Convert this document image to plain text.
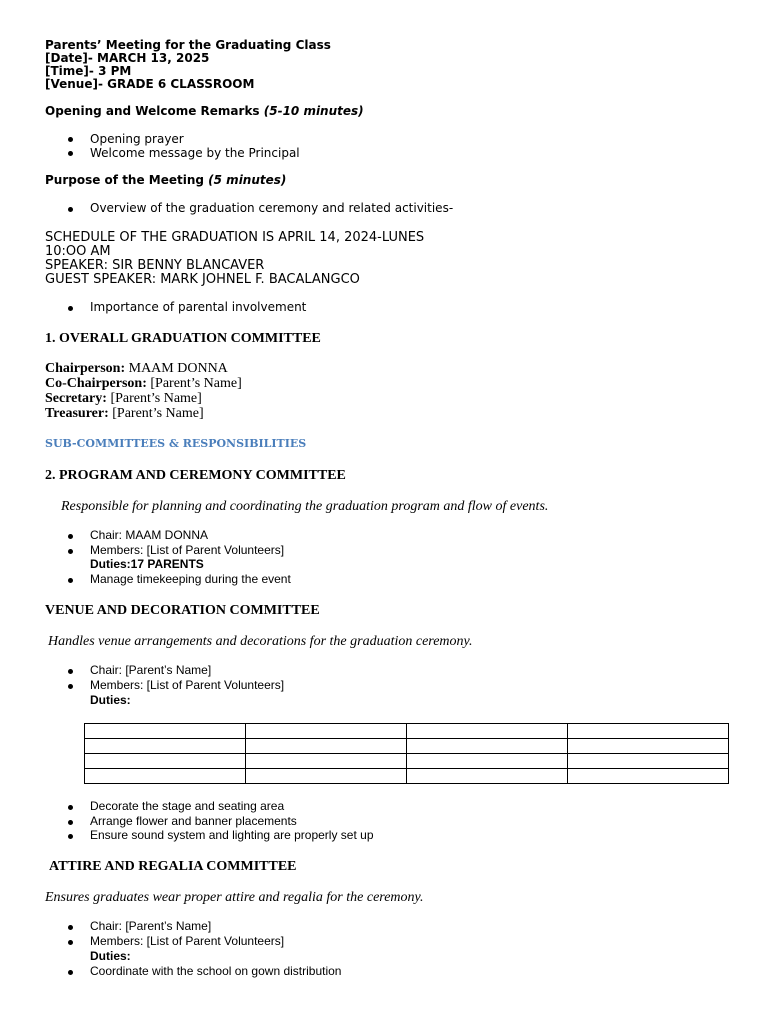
Parents’ Meeting for the Graduating Class
[Date]- MARCH 13, 2025
[Time]- 3 PM
[Venue]- GRADE 6 CLASSROOM
Opening and Welcome Remarks (5-10 minutes)
Opening prayer
Welcome message by the Principal
Purpose of the Meeting (5 minutes)
Overview of the graduation ceremony and related activities-
SCHEDULE OF THE GRADUATION IS APRIL 14, 2024-LUNES
10:OO AM
SPEAKER: SIR BENNY BLANCAVER
GUEST SPEAKER: MARK JOHNEL F. BACALANGCO
Importance of parental involvement
1. OVERALL GRADUATION COMMITTEE
Chairperson: MAAM DONNA
Co-Chairperson: [Parent’s Name]
Secretary: [Parent’s Name]
Treasurer: [Parent’s Name]
SUB-COMMITTEES & RESPONSIBILITIES
2. PROGRAM AND CEREMONY COMMITTEE
Responsible for planning and coordinating the graduation program and flow of events.
Chair: MAAM DONNA
Members: [List of Parent Volunteers]
Duties:17 PARENTS
Manage timekeeping during the event
VENUE AND DECORATION COMMITTEE
Handles venue arrangements and decorations for the graduation ceremony.
Chair: [Parent’s Name]
Members: [List of Parent Volunteers]
Duties:

Decorate the stage and seating area
Arrange flower and banner placements
Ensure sound system and lighting are properly set up
ATTIRE AND REGALIA COMMITTEE
Ensures graduates wear proper attire and regalia for the ceremony.
Chair: [Parent’s Name]
Members: [List of Parent Volunteers]
Duties:
Coordinate with the school on gown distribution
